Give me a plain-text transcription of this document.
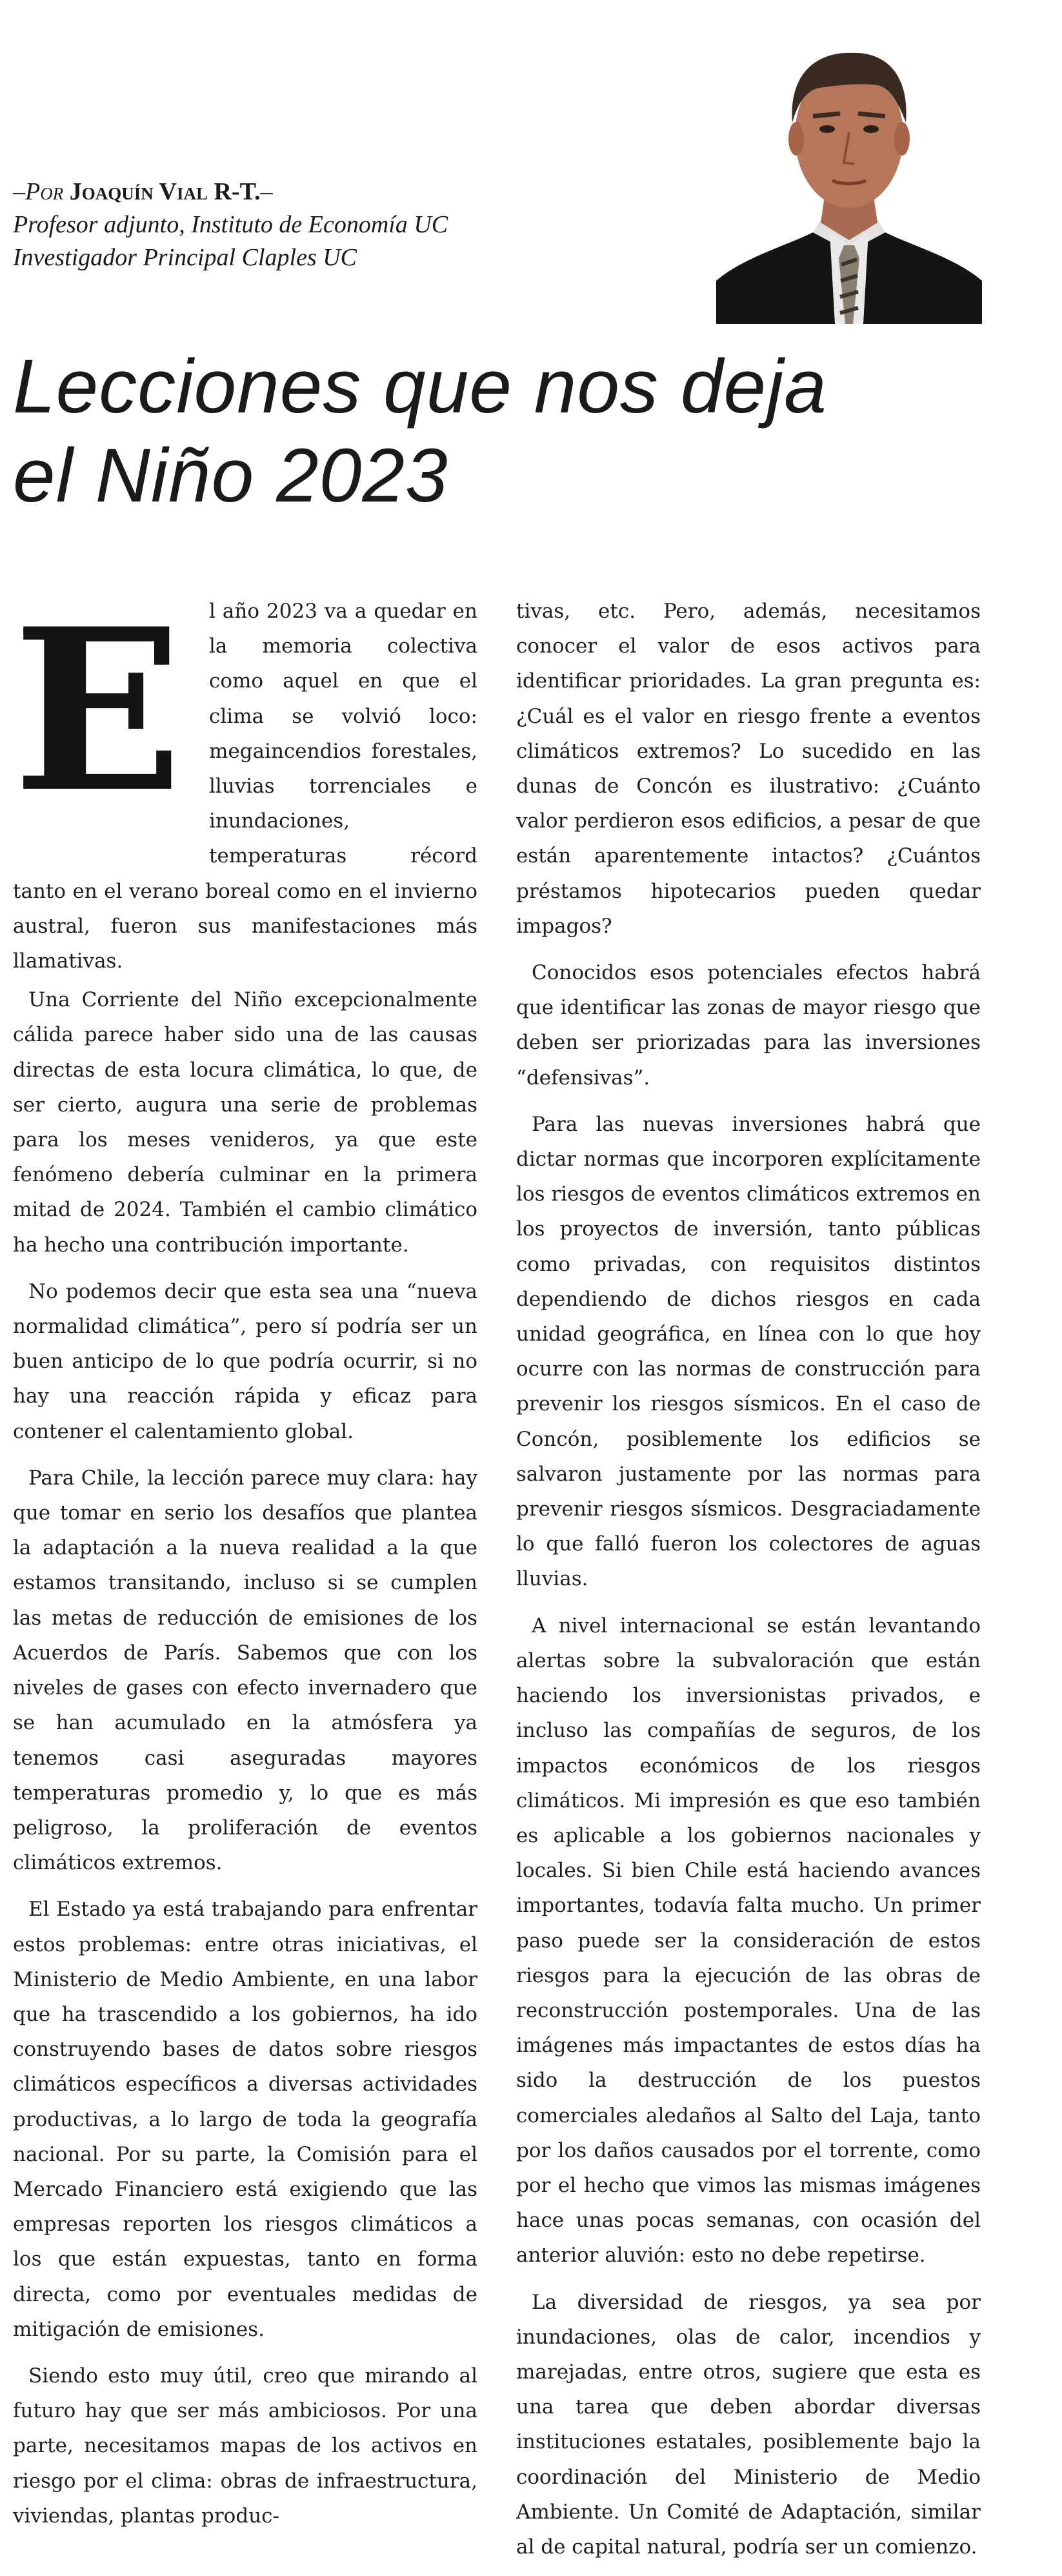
–Por Joaquín Vial R-T.–
Profesor adjunto, Instituto de Economía UC
Investigador Principal Claples UC
Lecciones que nos deja
el Niño 2023

E	l año 2023 va a quedar en la memoria colectiva como aquel en que el clima se volvió loco: megaincendios forestales, lluvias torrenciales e inundaciones, temperaturas récord tanto en el verano boreal como en el invierno austral, fueron sus manifestaciones más llamativas.

Una Corriente del Niño excepcionalmente cálida parece haber sido una de las causas directas de esta locura climática, lo que, de ser cierto, augura una serie de problemas para los meses venideros, ya que este fenómeno debería culminar en la primera mitad de 2024. También el cambio climático ha hecho una contribución importante.

No podemos decir que esta sea una “nueva normalidad climática”, pero sí podría ser un buen anticipo de lo que podría ocurrir, si no hay una reacción rápida y eficaz para contener el calentamiento global.

Para Chile, la lección parece muy clara: hay que tomar en serio los desafíos que plantea la adaptación a la nueva realidad a la que estamos transitando, incluso si se cumplen las metas de reducción de emisiones de los Acuerdos de París. Sabemos que con los niveles de gases con efecto invernadero que se han acumulado en la atmósfera ya tenemos casi aseguradas mayores temperaturas promedio y, lo que es más peligroso, la proliferación de eventos climáticos extremos.

El Estado ya está trabajando para enfrentar estos problemas: entre otras iniciativas, el Ministerio de Medio Ambiente, en una labor que ha trascendido a los gobiernos, ha ido construyendo bases de datos sobre riesgos climáticos específicos a diversas actividades productivas, a lo largo de toda la geografía nacional. Por su parte, la Comisión para el Mercado Financiero está exigiendo que las empresas reporten los riesgos climáticos a los que están expuestas, tanto en forma directa, como por eventuales medidas de mitigación de emisiones.

Siendo esto muy útil, creo que mirando al futuro hay que ser más ambiciosos. Por una parte, necesitamos mapas de los activos en riesgo por el clima: obras de infraestructura, viviendas, plantas produc-

tivas, etc. Pero, además, necesitamos conocer el valor de esos activos para identificar prioridades. La gran pregunta es: ¿Cuál es el valor en riesgo frente a eventos climáticos extremos? Lo sucedido en las dunas de Concón es ilustrativo: ¿Cuánto valor perdieron esos edificios, a pesar de que están aparentemente intactos? ¿Cuántos préstamos hipotecarios pueden quedar impagos?

Conocidos esos potenciales efectos habrá que identificar las zonas de mayor riesgo que deben ser priorizadas para las inversiones “defensivas”.

Para las nuevas inversiones habrá que dictar normas que incorporen explícitamente los riesgos de eventos climáticos extremos en los proyectos de inversión, tanto públicas como privadas, con requisitos distintos dependiendo de dichos riesgos en cada unidad geográfica, en línea con lo que hoy ocurre con las normas de construcción para prevenir los riesgos sísmicos. En el caso de Concón, posiblemente los edificios se salvaron justamente por las normas para prevenir riesgos sísmicos. Desgraciadamente lo que falló fueron los colectores de aguas lluvias.

A nivel internacional se están levantando alertas sobre la subvaloración que están haciendo los inversionistas privados, e incluso las compañías de seguros, de los impactos económicos de los riesgos climáticos. Mi impresión es que eso también es aplicable a los gobiernos nacionales y locales. Si bien Chile está haciendo avances importantes, todavía falta mucho. Un primer paso puede ser la consideración de estos riesgos para la ejecución de las obras de reconstrucción postemporales. Una de las imágenes más impactantes de estos días ha sido la destrucción de los puestos comerciales aledaños al Salto del Laja, tanto por los daños causados por el torrente, como por el hecho que vimos las mismas imágenes hace unas pocas semanas, con ocasión del anterior aluvión: esto no debe repetirse.

La diversidad de riesgos, ya sea por inundaciones, olas de calor, incendios y marejadas, entre otros, sugiere que esta es una tarea que deben abordar diversas instituciones estatales, posiblemente bajo la coordinación del Ministerio de Medio Ambiente. Un Comité de Adaptación, similar al de capital natural, podría ser un comienzo.
